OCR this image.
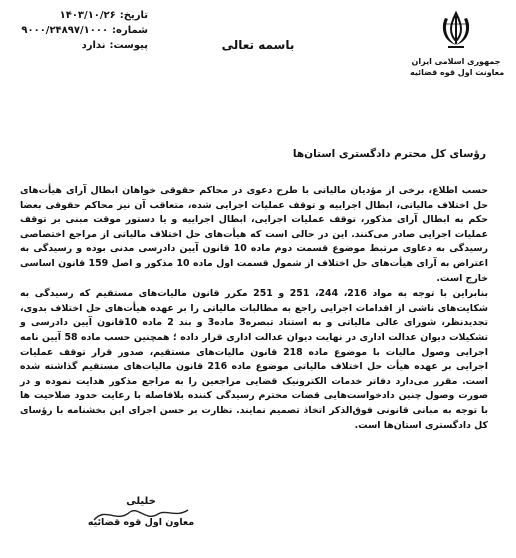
جمهوری اسلامی ایران
معاونت اول قوه قضائیه
باسمه تعالی
تاریخ:۱۴۰۳/۱۰/۲۶
شماره:۹۰۰۰/۲۴۸۹۷/۱۰۰۰
پیوست:ندارد
رؤسای کل محترم دادگستری استان‌ها

حسب اطلاع، برخی از مؤدیان مالیاتی با طرح دعوی در محاکم حقوقی خواهان ابطال آرای هیأت‌های حل اختلاف مالیاتی، ابطال اجراییه و توقف عملیات اجرایی شده، متعاقب آن نیز محاکم حقوقی بعضا حکم به ابطال آرای مذکور، توقف عملیات اجرایی، ابطال اجراییه و یا دستور موقت مبنی بر توقف عملیات اجرایی صادر می‌کنند. این در حالی است که هیأت‌های حل اختلاف مالیاتی از مراجع اختصاصی رسیدگی به دعاوی مرتبط موضوع قسمت دوم ماده 10 قانون آیین دادرسی مدنی بوده و رسیدگی به اعتراض به آرای هیأت‌های حل اختلاف از شمول قسمت اول ماده 10 مذکور و اصل 159 قانون اساسی خارج است.

بنابراین با توجه به مواد 216، 244، 251 و 251 مکرر قانون مالیات‌های مستقیم که رسیدگی به شکایت‌های ناشی از اقدامات اجرایی راجع به مطالبات مالیاتی را بر عهده هیأت‌های حل اختلاف بدوی، تجدیدنظر، شورای عالی مالیاتی و به استناد تبصره‌3 ماده‌3 و بند 2 ماده 10قانون آیین دادرسی و تشکیلات دیوان عدالت اداری در نهایت دیوان عدالت اداری قرار داده ؛ همچنین حسب ماده 58 آیین نامه اجرایی وصول مالیات با موضوع ماده 218 قانون مالیات‌های مستقیم، صدور قرار توقف عملیات اجرایی بر عهده هیأت حل اختلاف مالیاتی موضوع ماده 216 قانون مالیات‌های مستقیم گذاشته شده است. مقرر می‌دارد دفاتر خدمات الکترونیک قضایی مراجعین را به مراجع مذکور هدایت نموده و در صورت وصول چنین دادخواست‌هایی قضات محترم رسیدگی کننده بلافاصله با رعایت حدود صلاحیت ها با توجه به مبانی قانونی فوق‌الذکر اتخاذ تصمیم نمایند. نظارت بر حسن اجرای این بخشنامه با رؤسای کل دادگستری استان‌ها است.

خلیلی
معاون اول قوه قضائیه
